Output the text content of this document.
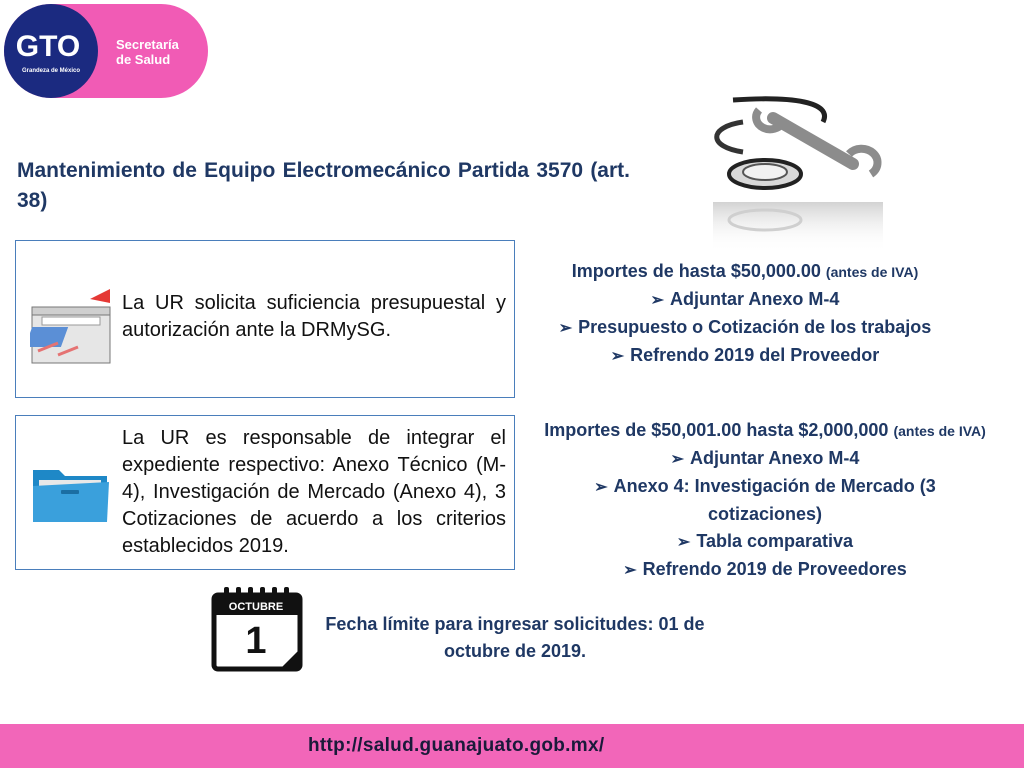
GTO
Grandeza de México
Secretaría
de Salud
Mantenimiento de Equipo Electromecánico Partida 3570 (art. 38)
La UR solicita suficiencia presupuestal y autorización ante la DRMySG.
La UR es responsable de integrar el expediente respectivo: Anexo Técnico (M-4), Investigación de Mercado (Anexo 4), 3 Cotizaciones de acuerdo a los criterios establecidos 2019.
Importes de hasta $50,000.00 (antes de IVA)
➢ Adjuntar Anexo M-4
➢ Presupuesto o Cotización de los trabajos
➢ Refrendo 2019 del Proveedor
Importes de $50,001.00 hasta $2,000,000 (antes de IVA)
➢ Adjuntar Anexo M-4
➢ Anexo 4: Investigación de Mercado (3 cotizaciones)
➢ Tabla comparativa
➢ Refrendo 2019 de Proveedores
OCTUBRE
1	Fecha límite para ingresar solicitudes: 01 de octubre de 2019.
http://salud.guanajuato.gob.mx/
